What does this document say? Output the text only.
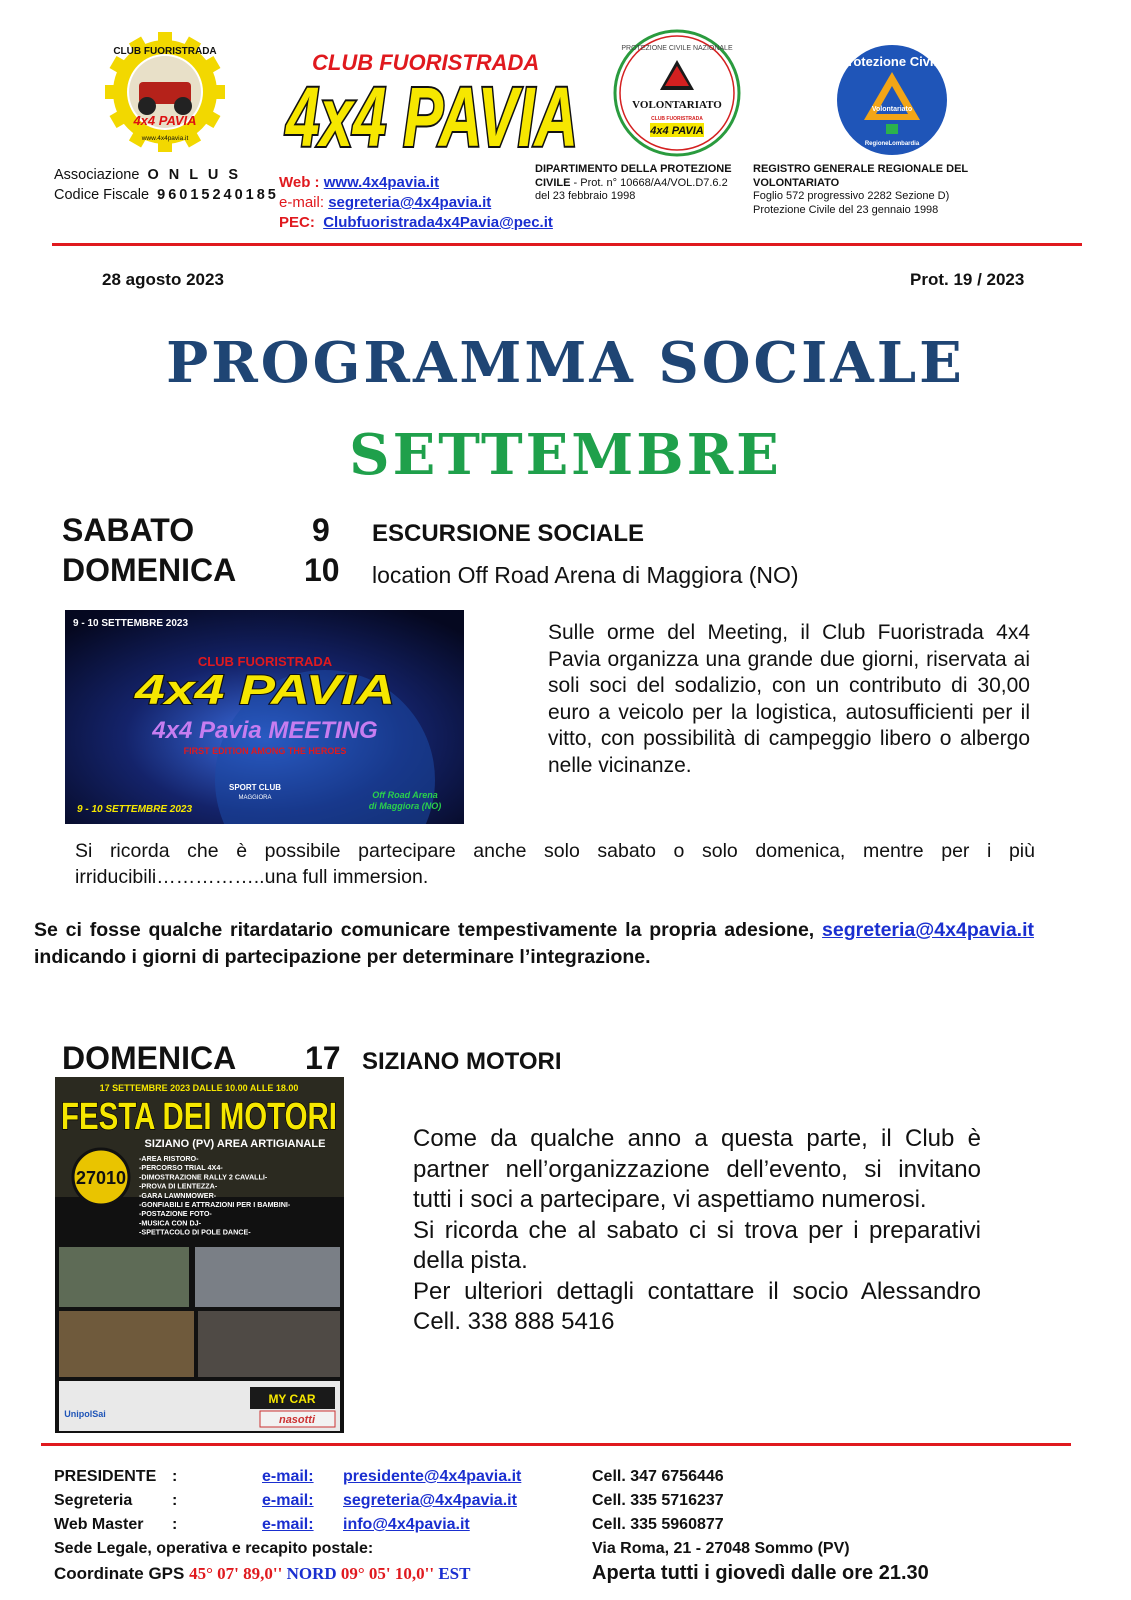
CLUB FUORISTRADA
4x4 PAVIA
www.4x4pavia.it
CLUB FUORISTRADA
4x4 PAVIA
PROTEZIONE CIVILE NAZIONALE
VOLONTARIATO
CLUB FUORISTRADA
4x4 PAVIA
Protezione Civile
Volontariato
RegioneLombardia
Associazione O N L U S
Codice Fiscale 96015240185
Web : www.4x4pavia.it
e-mail: segreteria@4x4pavia.it
PEC: Clubfuoristrada4x4Pavia@pec.it
DIPARTIMENTO DELLA PROTEZIONE CIVILE - Prot. n° 10668/A4/VOL.D7.6.2 del 23 febbraio 1998
REGISTRO GENERALE REGIONALE DEL VOLONTARIATO
Foglio 572 progressivo 2282 Sezione D) Protezione Civile del 23 gennaio 1998
28 agosto 2023	Prot. 19 / 2023
PROGRAMMA SOCIALE
SETTEMBRE
SABATO	9 ESCURSIONE SOCIALE
DOMENICA 10 location Off Road Arena di Maggiora (NO)
9 - 10 SETTEMBRE 2023
CLUB FUORISTRADA
4x4 PAVIA
4x4 Pavia MEETING
FIRST EDITION AMONG THE HEROES
SPORT CLUB
MAGGIORA	Off Road Arena
di Maggiora (NO)
9 - 10 SETTEMBRE 2023
Sulle orme del Meeting, il Club Fuoristrada 4x4 Pavia organizza una grande due giorni, riservata ai soli soci del sodalizio, con un contributo di 30,00 euro a veicolo per la logistica, autosufficienti per il vitto, con possibilità di campeggio libero o albergo nelle vicinanze.
Si ricorda che è possibile partecipare anche solo sabato o solo domenica, mentre per i più irriducibili……………..una full immersion.
Se ci fosse qualche ritardatario comunicare tempestivamente la propria adesione, segreteria@4x4pavia.it indicando i giorni di partecipazione per determinare l’integrazione.
DOMENICA 17 SIZIANO MOTORI
17 SETTEMBRE 2023 DALLE 10.00 ALLE 18.00
FESTA DEI MOTORI
SIZIANO (PV) AREA ARTIGIANALE
27010
-AREA RISTORO-
-PERCORSO TRIAL 4X4-
-DIMOSTRAZIONE RALLY 2 CAVALLI-
-PROVA DI LENTEZZA-
-GARA LAWNMOWER-
-GONFIABILI E ATTRAZIONI PER I BAMBINI-
-POSTAZIONE FOTO-
-MUSICA CON DJ-
-SPETTACOLO DI POLE DANCE-
UnipolSai
MY CAR
nasotti
Come da qualche anno a questa parte, il Club è partner nell’organizzazione dell’evento, si invitano tutti i soci a partecipare, vi aspettiamo numerosi.
Si ricorda che al sabato ci si trova per i preparativi della pista.
Per ulteriori dettagli contattare il socio Alessandro Cell. 338 888 5416
PRESIDENTE :	e-mail: presidente@4x4pavia.it	Cell. 347 6756446
Segreteria :	e-mail: segreteria@4x4pavia.it	Cell. 335 5716237
Web Master :	e-mail: info@4x4pavia.it	Cell. 335 5960877
Sede Legale, operativa e recapito postale:	Via Roma, 21 - 27048 Sommo (PV)
Coordinate GPS 45° 07' 89,0'' NORD 09° 05' 10,0'' EST	Aperta tutti i giovedì dalle ore 21.30
